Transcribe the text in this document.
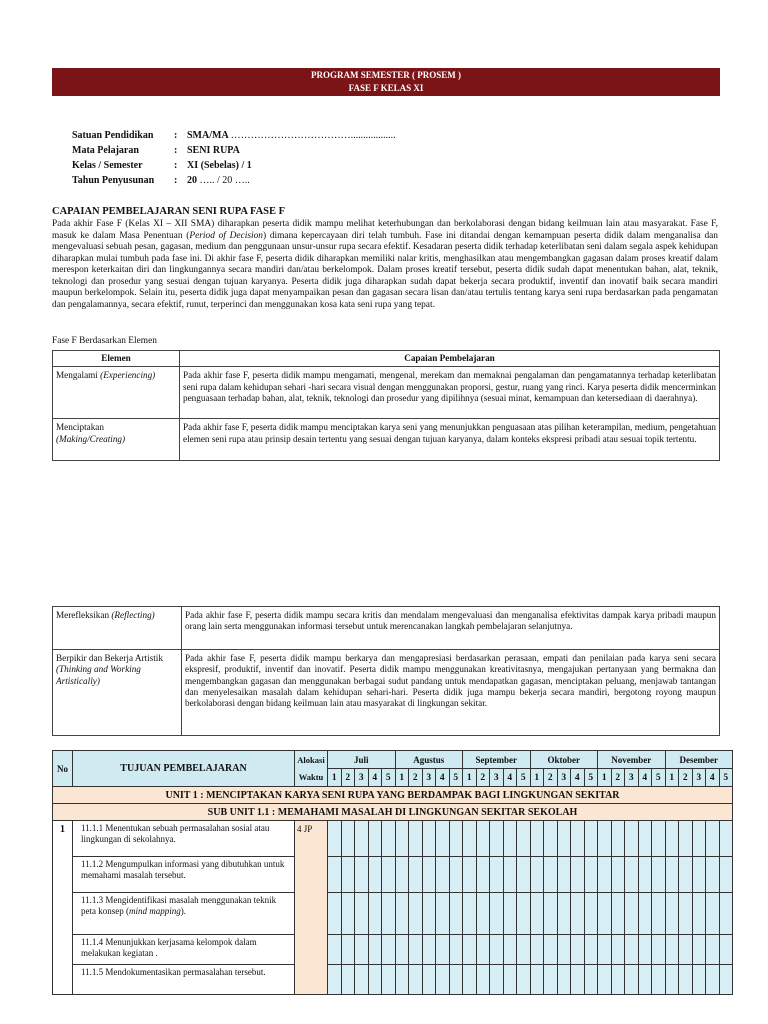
PROGRAM SEMESTER ( PROSEM )
FASE F KELAS XI
Satuan Pendidikan : SMA/MA ………………………………..................
Mata Pelajaran	: SENI RUPA
Kelas / Semester	: XI (Sebelas) / 1
Tahun Penyusunan : 20 ….. / 20 …..
CAPAIAN PEMBELAJARAN SENI RUPA FASE F
Pada akhir Fase F (Kelas XI – XII SMA) diharapkan peserta didik mampu melihat keterhubungan dan berkolaborasi dengan bidang keilmuan lain atau masyarakat. Fase F, masuk ke dalam Masa Penentuan (Period of Decision) dimana kepercayaan diri telah tumbuh. Fase ini ditandai dengan kemampuan peserta didik dalam menganalisa dan mengevaluasi sebuah pesan, gagasan, medium dan penggunaan unsur-unsur rupa secara efektif. Kesadaran peserta didik terhadap keterlibatan seni dalam segala aspek kehidupan diharapkan mulai tumbuh pada fase ini. Di akhir fase F, peserta didik diharapkan memiliki nalar kritis, menghasilkan atau mengembangkan gagasan dalam proses kreatif dalam merespon keterkaitan diri dan lingkungannya secara mandiri dan/atau berkelompok. Dalam proses kreatif tersebut, peserta didik sudah dapat menentukan bahan, alat, teknik, teknologi dan prosedur yang sesuai dengan tujuan karyanya. Peserta didik juga diharapkan sudah dapat bekerja secara produktif, inventif dan inovatif baik secara mandiri maupun berkelompok. Selain itu, peserta didik juga dapat menyampaikan pesan dan gagasan secara lisan dan/atau tertulis tentang karya seni rupa berdasarkan pada pengamatan dan pengalamannya, secara efektif, runut, terperinci dan menggunakan kosa kata seni rupa yang tepat.
Fase F Berdasarkan Elemen
Elemen	Capaian Pembelajaran
Mengalami (Experiencing)	Pada akhir fase F, peserta didik mampu mengamati, mengenal, merekam dan memaknai pengalaman dan pengamatannya terhadap keterlibatan seni rupa dalam kehidupan sehari -hari secara visual dengan menggunakan proporsi, gestur, ruang yang rinci. Karya peserta didik mencerminkan penguasaan terhadap bahan, alat, teknik, teknologi dan prosedur yang dipilihnya (sesuai minat, kemampuan dan ketersediaan di daerahnya).
Menciptakan
(Making/Creating)	Pada akhir fase F, peserta didik mampu menciptakan karya seni yang menunjukkan penguasaan atas pilihan keterampilan, medium, pengetahuan elemen seni rupa atau prinsip desain tertentu yang sesuai dengan tujuan karyanya, dalam konteks ekspresi pribadi atau sesuai topik tertentu.
Merefleksikan (Reflecting)	Pada akhir fase F, peserta didik mampu secara kritis dan mendalam mengevaluasi dan menganalisa efektivitas dampak karya pribadi maupun orang lain serta menggunakan informasi tersebut untuk merencanakan langkah pembelajaran selanjutnya.
Berpikir dan Bekerja Artistik (Thinking and Working Artistically)	Pada akhir fase F, peserta didik mampu berkarya dan mengapresiasi berdasarkan perasaan, empati dan penilaian pada karya seni secara ekspresif, produktif, inventif dan inovatif. Peserta didik mampu menggunakan kreativitasnya, mengajukan pertanyaan yang bermakna dan mengembangkan gagasan dan menggunakan berbagai sudut pandang untuk mendapatkan gagasan, menciptakan peluang, menjawab tantangan dan menyelesaikan masalah dalam kehidupan sehari-hari. Peserta didik juga mampu bekerja secara mandiri, bergotong royong maupun berkolaborasi dengan bidang keilmuan lain atau masyarakat di lingkungan sekitar.
No	TUJUAN PEMBELAJARAN	Alokasi	Juli					Agustus					September					Oktober					November					Desember				
		Waktu	1	2	3	4	5	1	2	3	4	5	1	2	3	4	5	1	2	3	4	5	1	2	3	4	5	1	2	3	4	5
UNIT 1 : MENCIPTAKAN KARYA SENI RUPA YANG BERDAMPAK BAGI LINGKUNGAN SEKITAR																																
SUB UNIT 1.1 : MEMAHAMI MASALAH DI LINGKUNGAN SEKITAR SEKOLAH																																
1	11.1.1 Menentukan sebuah permasalahan sosial atau lingkungan di sekolahnya.	4 JP																														
	11.1.2 Mengumpulkan informasi yang dibutuhkan untuk memahami masalah tersebut.																															
	11.1.3 Mengidentifikasi masalah menggunakan teknik peta konsep (mind mapping).																															
	11.1.4 Menunjukkan kerjasama kelompok dalam melakukan kegiatan .																															
	11.1.5 Mendokumentasikan permasalahan tersebut.																															
